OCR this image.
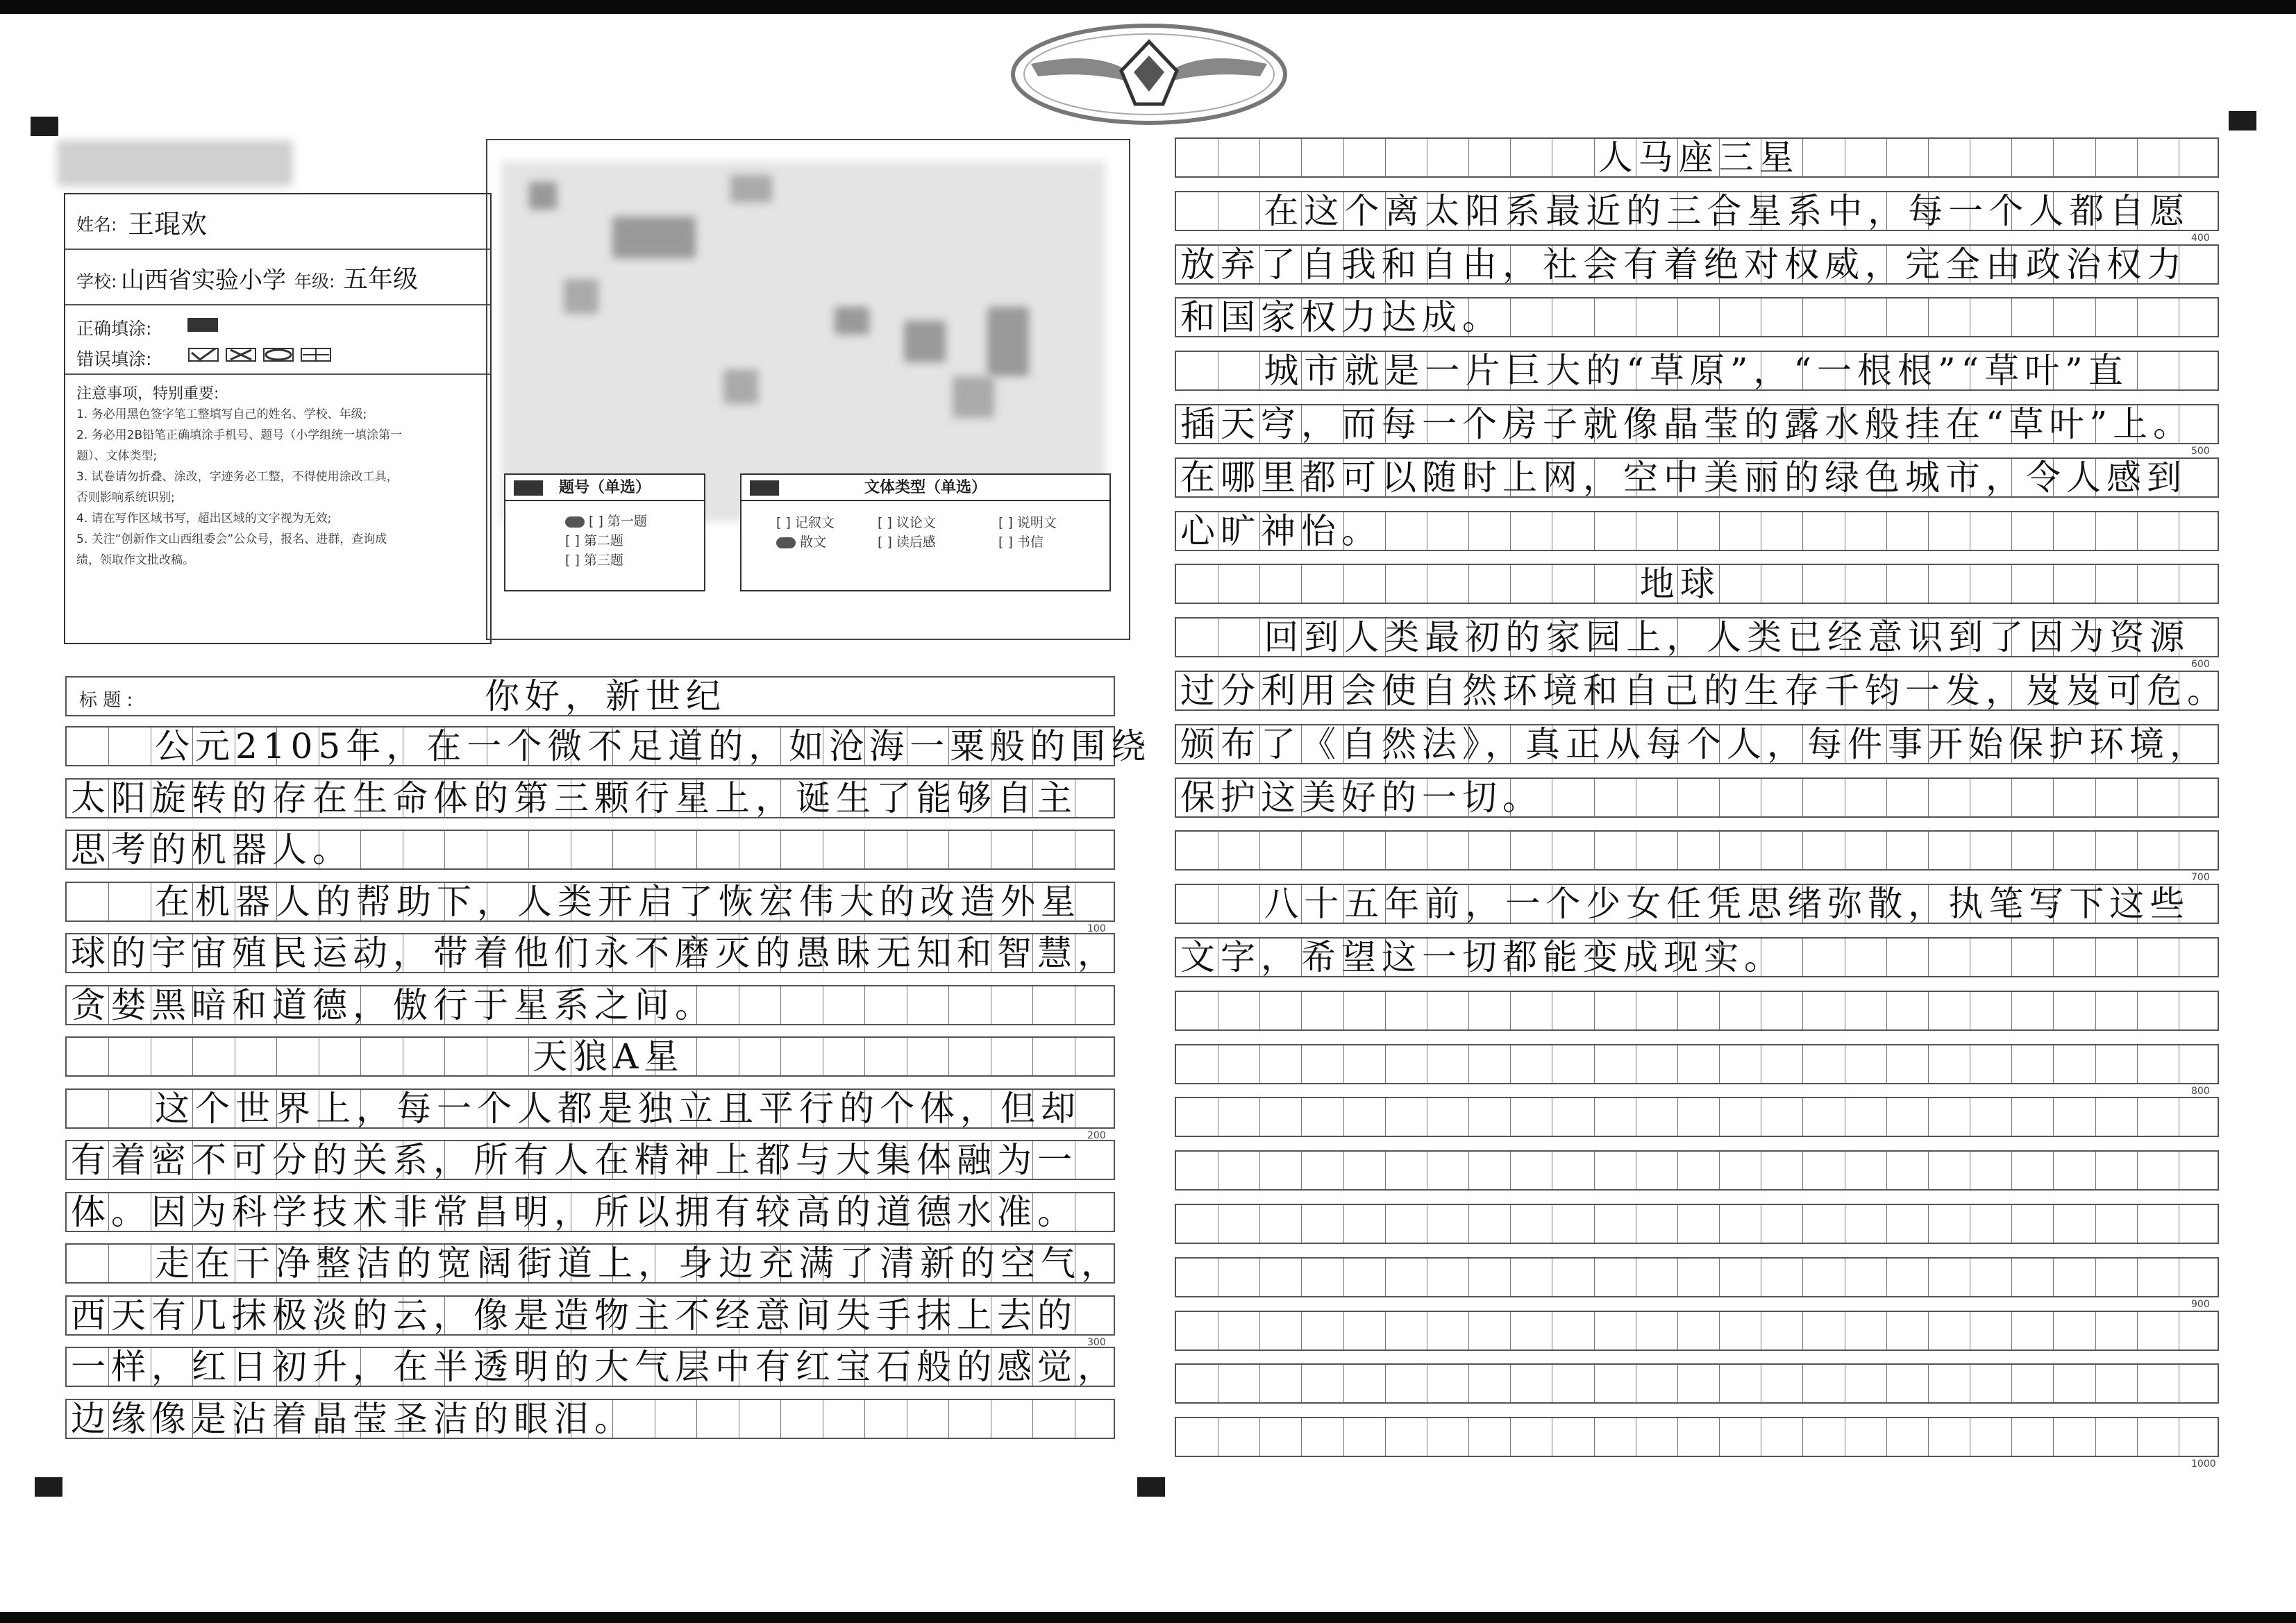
姓名: 王琨欢
学校: 山西省实验小学 年级: 五年级
正确填涂:
错误填涂:
注意事项，特别重要:
1. 务必用黑色签字笔工整填写自己的姓名、学校、年级;
2. 务必用2B铅笔正确填涂手机号、题号（小学组统一填涂第一
题）、文体类型;
3. 试卷请勿折叠、涂改，字迹务必工整，不得使用涂改工具，
否则影响系统识别;
4. 请在写作区域书写，超出区域的文字视为无效;
5. 关注“创新作文山西组委会”公众号，报名、进群，查询成
绩，领取作文批改稿。
题号（单选）
[ ] 第一题
[ ] 第二题
[ ] 第三题
文体类型（单选）
[ ] 记叙文	[ ] 议论文	[ ] 说明文
散文	[ ] 读后感	[ ] 书信
标 题 :	你好，新世纪
公元2105年，在一个微不足道的，如沧海一粟般的围绕
太阳旋转的存在生命体的第三颗行星上，诞生了能够自主
思考的机器人。
在机器人的帮助下，人类开启了恢宏伟大的改造外星
100
球的宇宙殖民运动，带着他们永不磨灭的愚昧无知和智慧，
贪婪黑暗和道德，傲行于星系之间。
天狼A星
这个世界上，每一个人都是独立且平行的个体，但却
200
有着密不可分的关系，所有人在精神上都与大集体融为一
体。因为科学技术非常昌明，所以拥有较高的道德水准。
走在干净整洁的宽阔街道上，身边充满了清新的空气，
西天有几抹极淡的云，像是造物主不经意间失手抹上去的
300
一样，红日初升，在半透明的大气层中有红宝石般的感觉，
边缘像是沾着晶莹圣洁的眼泪。
人马座三星
在这个离太阳系最近的三合星系中，每一个人都自愿
400
放弃了自我和自由，社会有着绝对权威，完全由政治权力
和国家权力达成。
城市就是一片巨大的“草原”，“一根根”“草叶”直
插天穹，而每一个房子就像晶莹的露水般挂在“草叶”上。
500
在哪里都可以随时上网，空中美丽的绿色城市，令人感到
心旷神怡。
地球
回到人类最初的家园上，人类已经意识到了因为资源
600
过分利用会使自然环境和自己的生存千钧一发，岌岌可危。
颁布了《自然法》，真正从每个人，每件事开始保护环境，
保护这美好的一切。
700
八十五年前，一个少女任凭思绪弥散，执笔写下这些
文字，希望这一切都能变成现实。
800
900
1000
